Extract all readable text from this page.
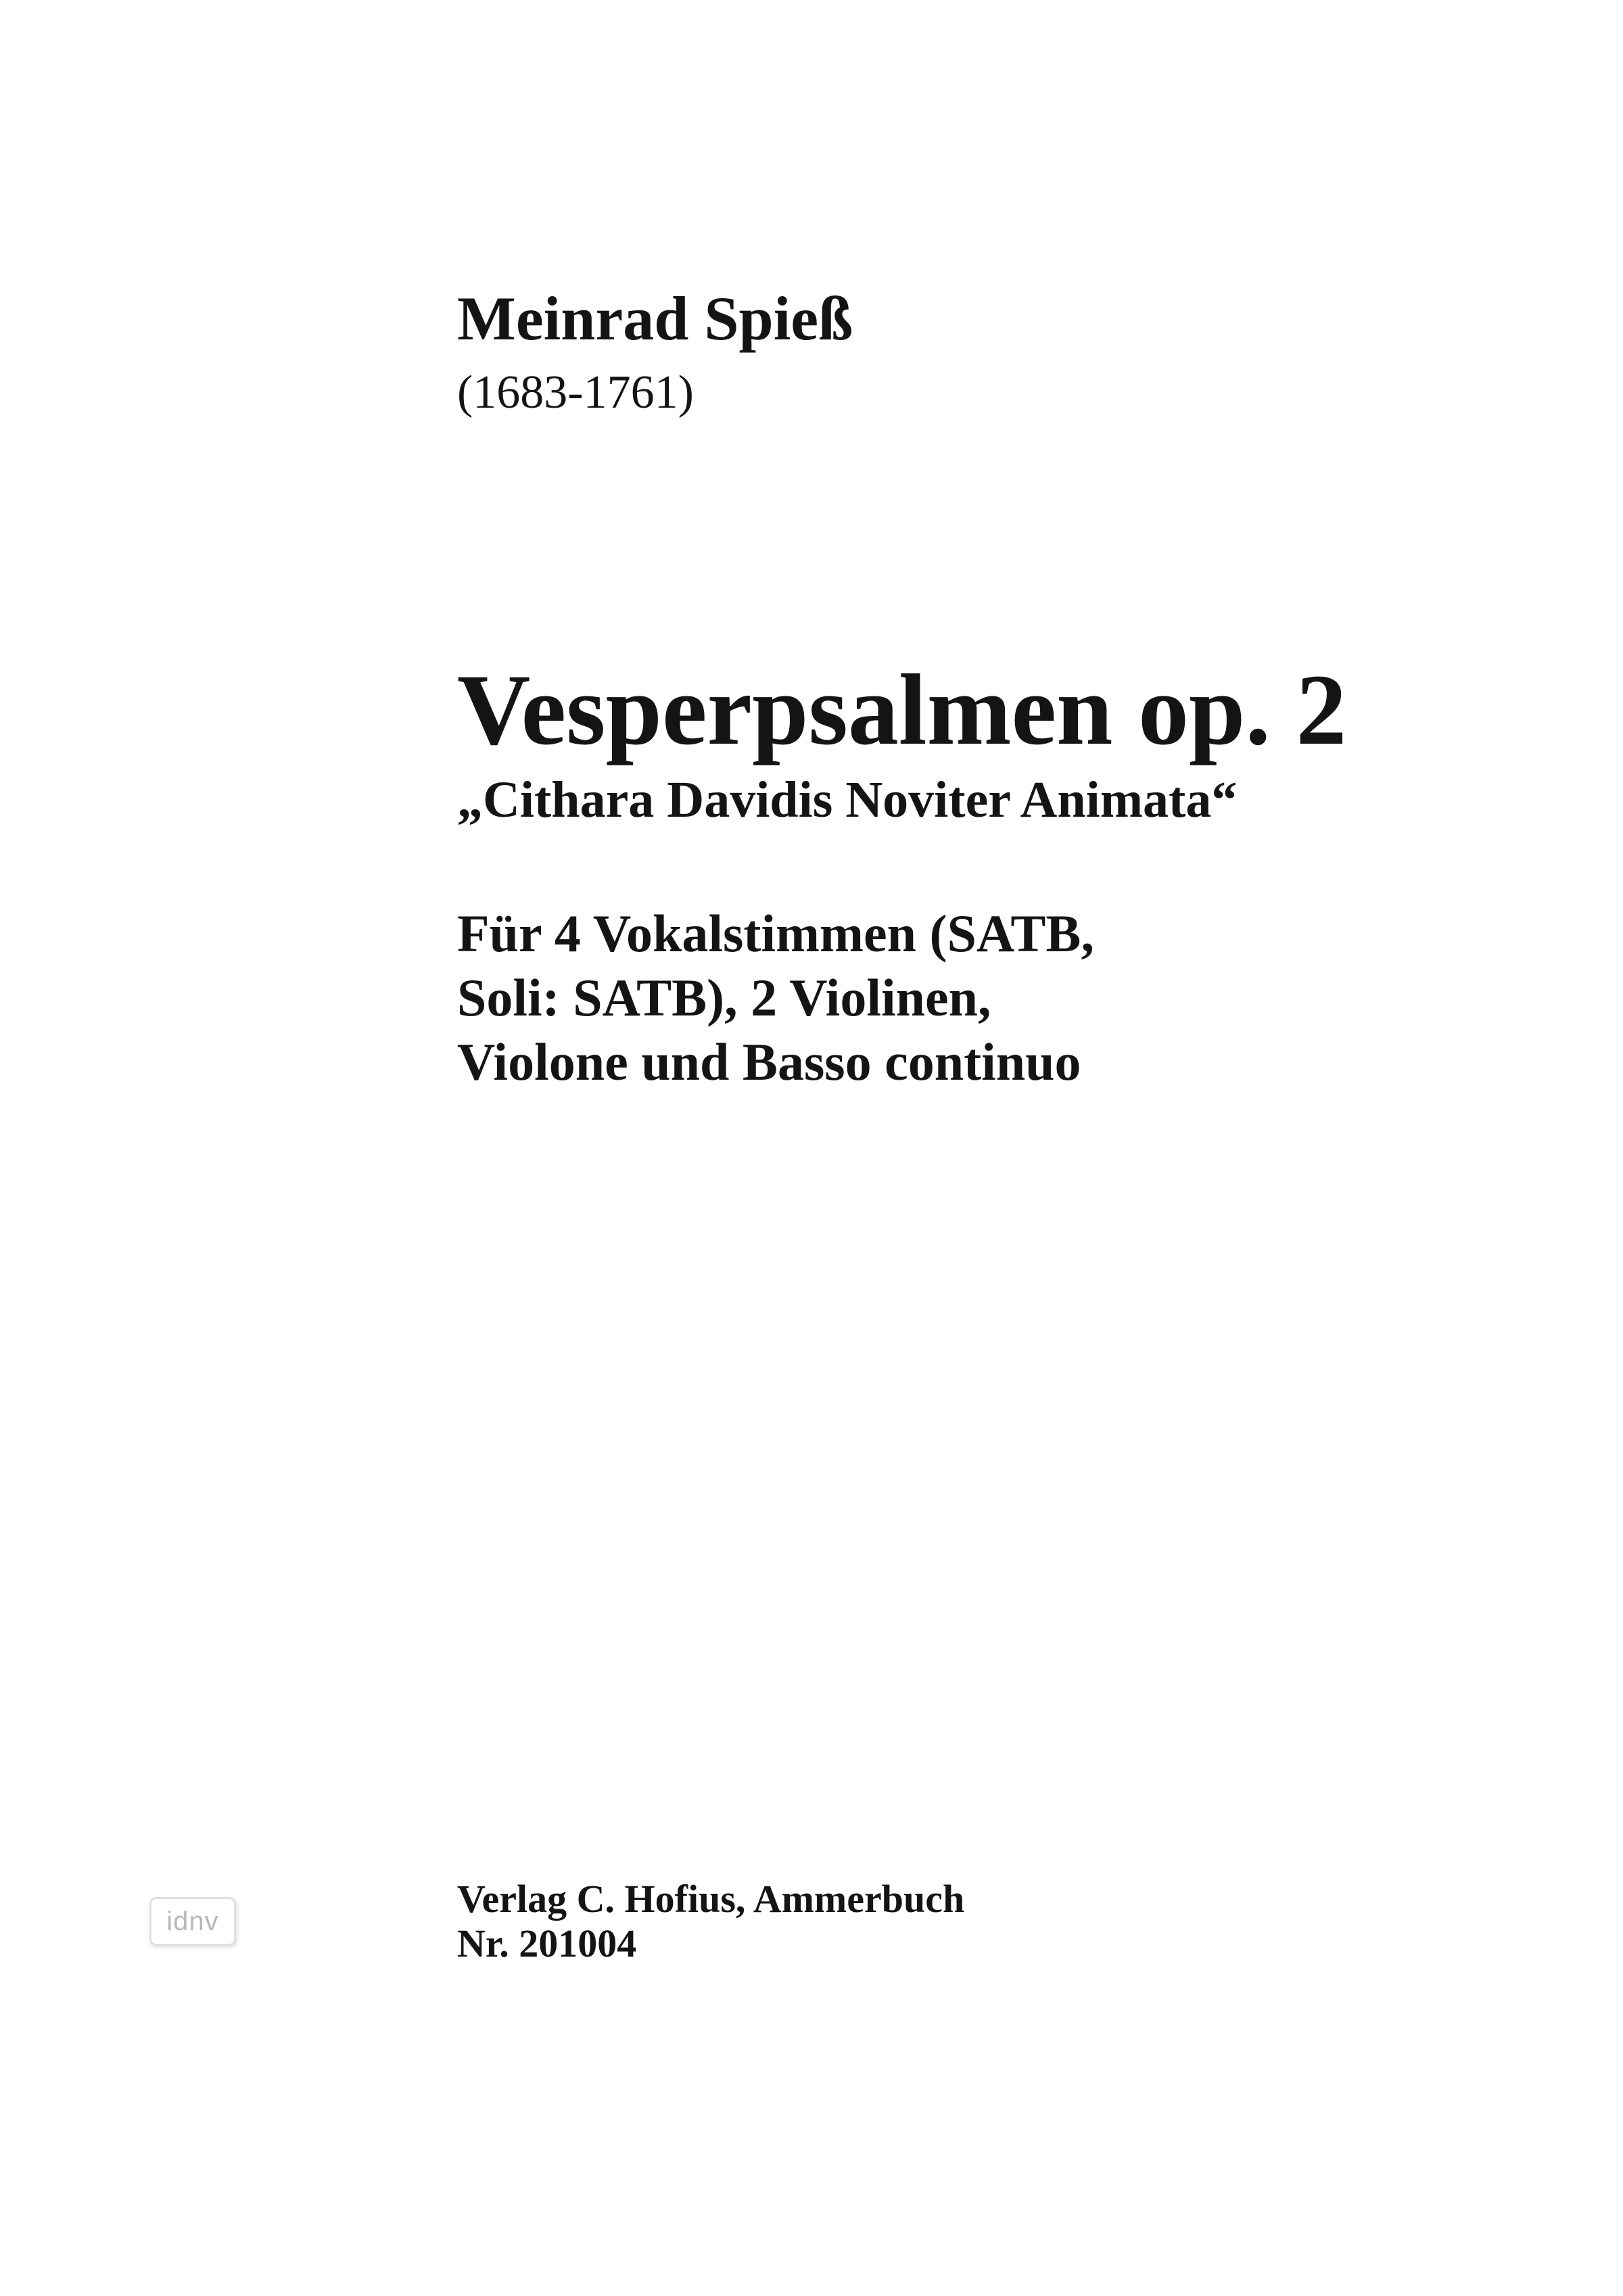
Meinrad Spieß
(1683-1761)
Vesperpsalmen op. 2
„Cithara Davidis Noviter Animata“
Für 4 Vokalstimmen (SATB,
Soli: SATB), 2 Violinen,
Violone und Basso continuo
idnv
Verlag C. Hofius, Ammerbuch
Nr. 201004
